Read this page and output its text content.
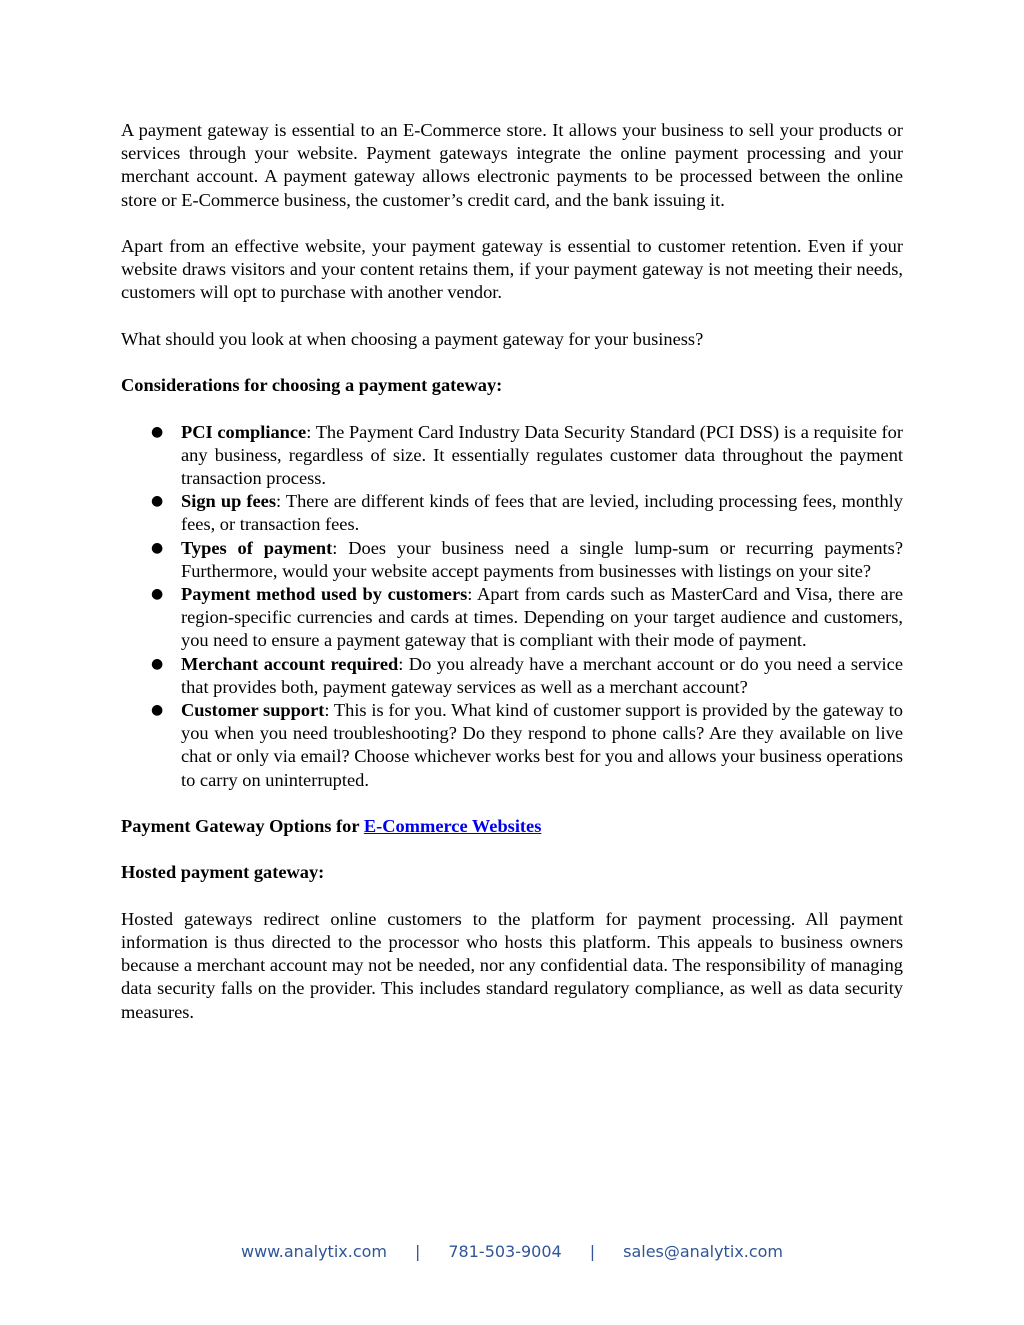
A payment gateway is essential to an E-Commerce store. It allows your business to sell your products or services through your website. Payment gateways integrate the online payment processing and your merchant account. A payment gateway allows electronic payments to be processed between the online store or E-Commerce business, the customer’s credit card, and the bank issuing it.

Apart from an effective website, your payment gateway is essential to customer retention. Even if your website draws visitors and your content retains them, if your payment gateway is not meeting their needs, customers will opt to purchase with another vendor.

What should you look at when choosing a payment gateway for your business?

Considerations for choosing a payment gateway:

● PCI compliance: The Payment Card Industry Data Security Standard (PCI DSS) is a requisite for any business, regardless of size. It essentially regulates customer data throughout the payment transaction process.
● Sign up fees: There are different kinds of fees that are levied, including processing fees, monthly fees, or transaction fees.
● Types of payment: Does your business need a single lump-sum or recurring payments? Furthermore, would your website accept payments from businesses with listings on your site?
● Payment method used by customers: Apart from cards such as MasterCard and Visa, there are region-specific currencies and cards at times. Depending on your target audience and customers, you need to ensure a payment gateway that is compliant with their mode of payment.
● Merchant account required: Do you already have a merchant account or do you need a service that provides both, payment gateway services as well as a merchant account?
● Customer support: This is for you. What kind of customer support is provided by the gateway to you when you need troubleshooting? Do they respond to phone calls? Are they available on live chat or only via email? Choose whichever works best for you and allows your business operations to carry on uninterrupted.

Payment Gateway Options for E-Commerce Websites

Hosted payment gateway:

Hosted gateways redirect online customers to the platform for payment processing. All payment information is thus directed to the processor who hosts this platform. This appeals to business owners because a merchant account may not be needed, nor any confidential data. The responsibility of managing data security falls on the provider. This includes standard regulatory compliance, as well as data security measures.

www.analytix.com | 781-503-9004 | sales@analytix.com
